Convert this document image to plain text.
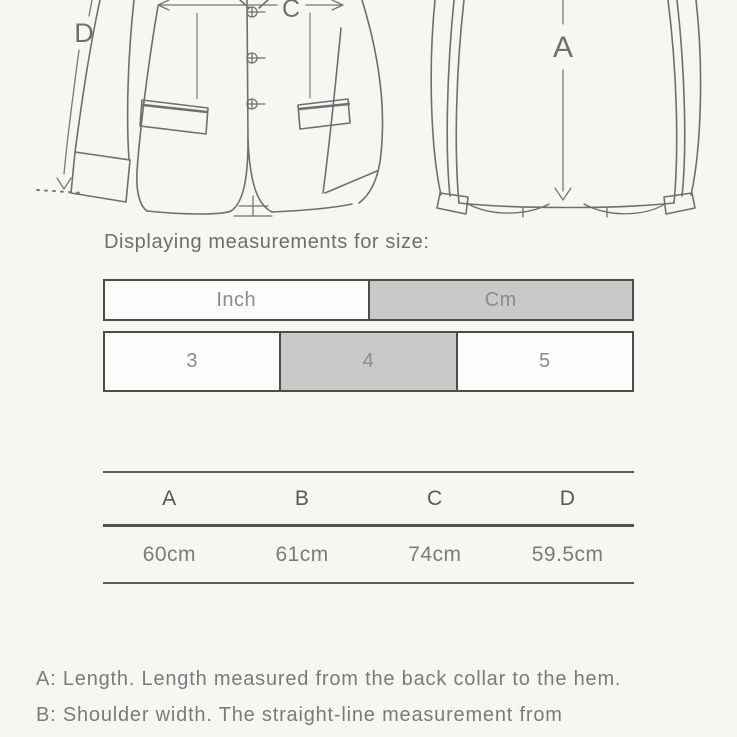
C
D	A
Displaying measurements for size:
Inch	Cm
3	4	5
A	B	C	D
60cm	61cm	74cm	59.5cm

A: Length. Length measured from the back collar to the hem.

B: Shoulder width. The straight-line measurement from
